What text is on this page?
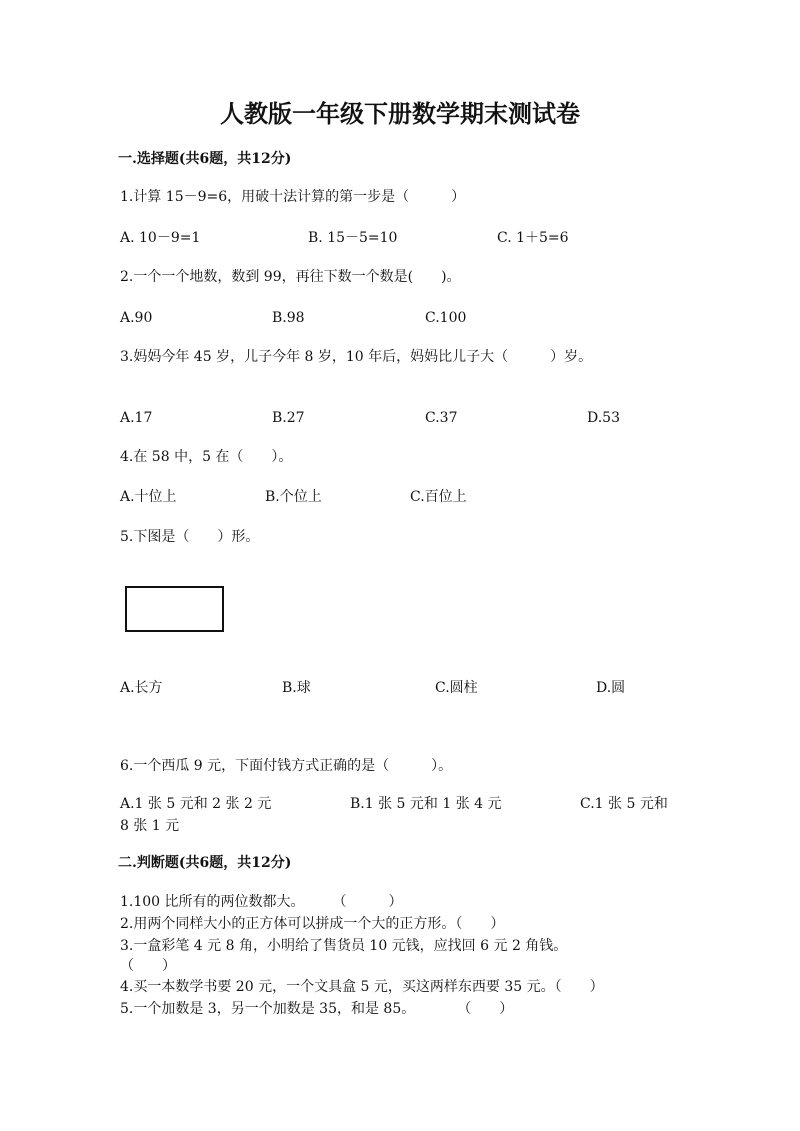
人教版一年级下册数学期末测试卷
一.选择题(共6题，共12分)
1.计算 15－9=6，用破十法计算的第一步是（　　　）
A. 10－9=1	B. 15－5=10	C. 1＋5=6
2.一个一个地数，数到 99，再往下数一个数是(　　)。
A.90	B.98	C.100
3.妈妈今年 45 岁，儿子今年 8 岁，10 年后，妈妈比儿子大（　　　）岁。
A.17	B.27	C.37	D.53
4.在 58 中，5 在（　　）。
A.十位上	B.个位上	C.百位上
5.下图是（　　）形。
A.长方	B.球	C.圆柱	D.圆
6.一个西瓜 9 元，下面付钱方式正确的是（　　　）。
A.1 张 5 元和 2 张 2 元	B.1 张 5 元和 1 张 4 元	C.1 张 5 元和
8 张 1 元
二.判断题(共6题，共12分)
1.100 比所有的两位数都大。　　　（　　　）
2.用两个同样大小的正方体可以拼成一个大的正方形。（　　）
3.一盒彩笔 4 元 8 角，小明给了售货员 10 元钱，应找回 6 元 2 角钱。
（　　）
4.买一本数学书要 20 元，一个文具盒 5 元，买这两样东西要 35 元。（　　）
5.一个加数是 3，另一个加数是 35，和是 85。　　　　（　　）
